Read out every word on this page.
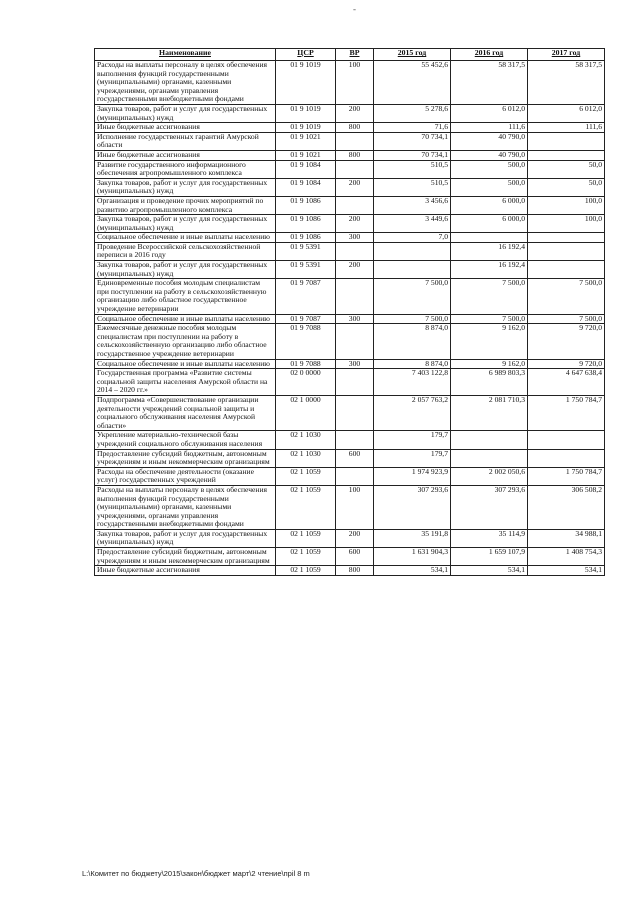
-
Наименование	ЦСР	ВР	2015 год	2016 год	2017 год
Расходы на выплаты персоналу в целях обеспечения выполнения функций государственными (муниципальными) органами, казенными учреждениями, органами управления государственными внебюджетными фондами	01 9 1019	100	55 452,6	58 317,5	58 317,5
Закупка товаров, работ и услуг для государственных (муниципальных) нужд	01 9 1019	200	5 278,6	6 012,0	6 012,0
Иные бюджетные ассигнования	01 9 1019	800	71,6	111,6	111,6
Исполнение государственных гарантий Амурской области	01 9 1021		70 734,1	40 790,0	
Иные бюджетные ассигнования	01 9 1021	800	70 734,1	40 790,0	
Развитие государственного информационного обеспечения агропромышленного комплекса	01 9 1084		510,5	500,0	50,0
Закупка товаров, работ и услуг для государственных (муниципальных) нужд	01 9 1084	200	510,5	500,0	50,0
Организация и проведение прочих мероприятий по развитию агропромышленного комплекса	01 9 1086		3 456,6	6 000,0	100,0
Закупка товаров, работ и услуг для государственных (муниципальных) нужд	01 9 1086	200	3 449,6	6 000,0	100,0
Социальное обеспечение и иные выплаты населению	01 9 1086	300	7,0		
Проведение Всероссийской сельскохозяйственной переписи в 2016 году	01 9 5391			16 192,4	
Закупка товаров, работ и услуг для государственных (муниципальных) нужд	01 9 5391	200		16 192,4	
Единовременные пособия молодым специалистам при поступлении на работу в сельскохозяйственную организацию либо областное государственное учреждение ветеринарии	01 9 7087		7 500,0	7 500,0	7 500,0
Социальное обеспечение и иные выплаты населению	01 9 7087	300	7 500,0	7 500,0	7 500,0
Ежемесячные денежные пособия молодым специалистам при поступлении на работу в сельскохозяйственную организацию либо областное государственное учреждение ветеринарии	01 9 7088		8 874,0	9 162,0	9 720,0
Социальное обеспечение и иные выплаты населению	01 9 7088	300	8 874,0	9 162,0	9 720,0
Государственная программа «Развитие системы социальной защиты населения Амурской области на 2014 – 2020 гг.»	02 0 0000		7 403 122,8	6 989 803,3	4 647 638,4
Подпрограмма «Совершенствование организации деятельности учреждений социальной защиты и социального обслуживания населения Амурской области»	02 1 0000		2 057 763,2	2 081 710,3	1 750 784,7
Укрепление материально-технической базы учреждений социального обслуживания населения	02 1 1030		179,7		
Предоставление субсидий бюджетным, автономным учреждениям и иным некоммерческим организациям	02 1 1030	600	179,7		
Расходы на обеспечение деятельности (оказание услуг) государственных учреждений	02 1 1059		1 974 923,9	2 002 050,6	1 750 784,7
Расходы на выплаты персоналу в целях обеспечения выполнения функций государственными (муниципальными) органами, казенными учреждениями, органами управления государственными внебюджетными фондами	02 1 1059	100	307 293,6	307 293,6	306 508,2
Закупка товаров, работ и услуг для государственных (муниципальных) нужд	02 1 1059	200	35 191,8	35 114,9	34 988,1
Предоставление субсидий бюджетным, автономным учреждениям и иным некоммерческим организациям	02 1 1059	600	1 631 904,3	1 659 107,9	1 408 754,3
Иные бюджетные ассигнования	02 1 1059	800	534,1	534,1	534,1
L:\Комитет по бюджету\2015\закон\бюджет март\2 чтение\прil 8 m
